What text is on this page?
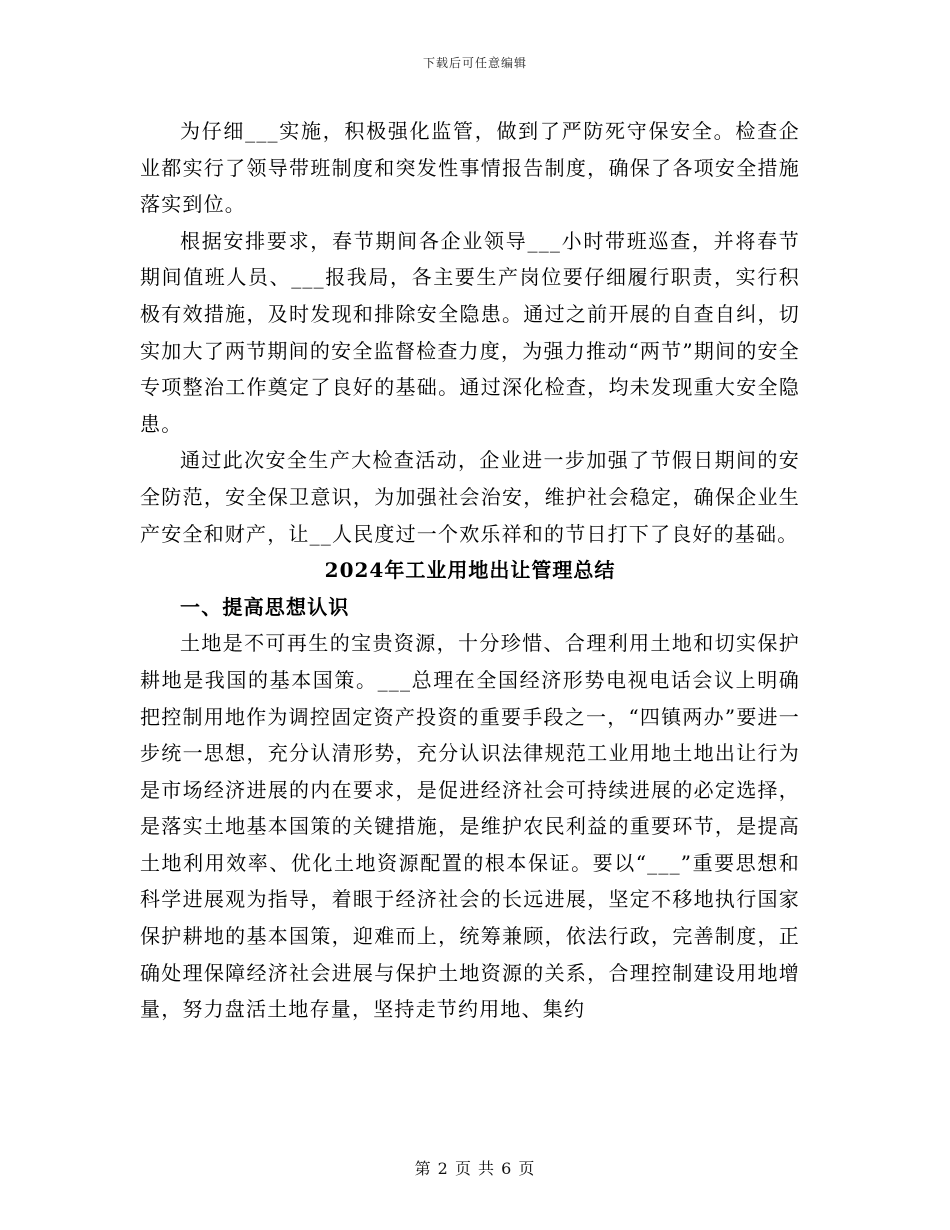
下载后可任意编辑

为仔细___实施，积极强化监管，做到了严防死守保安全。检查企业都实行了领导带班制度和突发性事情报告制度，确保了各项安全措施落实到位。

根据安排要求，春节期间各企业领导___小时带班巡查，并将春节期间值班人员、___报我局，各主要生产岗位要仔细履行职责，实行积极有效措施，及时发现和排除安全隐患。通过之前开展的自查自纠，切实加大了两节期间的安全监督检查力度，为强力推动“两节”期间的安全专项整治工作奠定了良好的基础。通过深化检查，均未发现重大安全隐患。

通过此次安全生产大检查活动，企业进一步加强了节假日期间的安全防范，安全保卫意识，为加强社会治安，维护社会稳定，确保企业生产安全和财产，让__人民度过一个欢乐祥和的节日打下了良好的基础。

2024年工业用地出让管理总结

一、提高思想认识

土地是不可再生的宝贵资源，十分珍惜、合理利用土地和切实保护耕地是我国的基本国策。___总理在全国经济形势电视电话会议上明确把控制用地作为调控固定资产投资的重要手段之一，“四镇两办”要进一步统一思想，充分认清形势，充分认识法律规范工业用地土地出让行为是市场经济进展的内在要求，是促进经济社会可持续进展的必定选择，是落实土地基本国策的关键措施，是维护农民利益的重要环节，是提高土地利用效率、优化土地资源配置的根本保证。要以“___”重要思想和科学进展观为指导，着眼于经济社会的长远进展，坚定不移地执行国家保护耕地的基本国策，迎难而上，统筹兼顾，依法行政，完善制度，正确处理保障经济社会进展与保护土地资源的关系，合理控制建设用地增量，努力盘活土地存量，坚持走节约用地、集约

第 2 页 共 6 页
